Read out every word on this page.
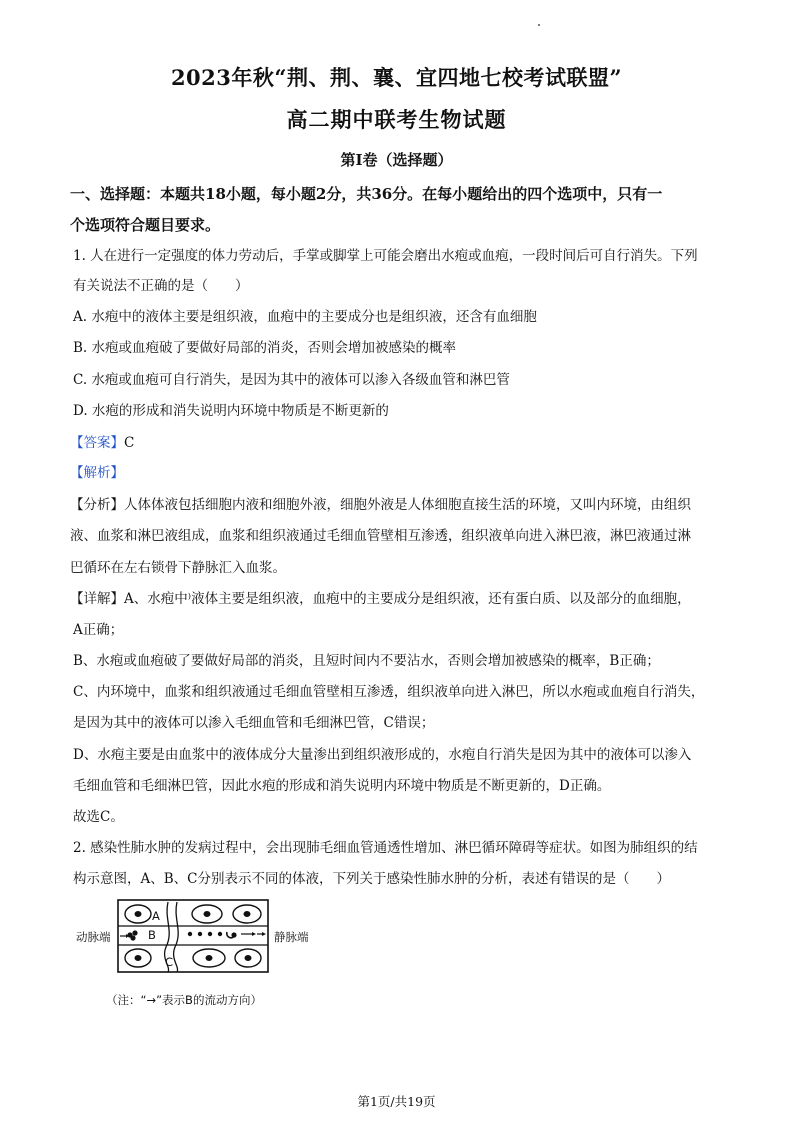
2023年秋“荆、荆、襄、宜四地七校考试联盟”
高二期中联考生物试题
第I卷（选择题）
一、选择题：本题共18小题，每小题2分，共36分。在每小题给出的四个选项中，只有一
个选项符合题目要求。
1. 人在进行一定强度的体力劳动后，手掌或脚掌上可能会磨出水疱或血疱，一段时间后可自行消失。下列
有关说法不正确的是（　　）
A. 水疱中的液体主要是组织液，血疱中的主要成分也是组织液，还含有血细胞
B. 水疱或血疱破了要做好局部的消炎，否则会增加被感染的概率
C. 水疱或血疱可自行消失，是因为其中的液体可以渗入各级血管和淋巴管
D. 水疱的形成和消失说明内环境中物质是不断更新的
【答案】C
【解析】
【分析】人体体液包括细胞内液和细胞外液，细胞外液是人体细胞直接生活的环境，又叫内环境，由组织
液、血浆和淋巴液组成，血浆和组织液通过毛细血管壁相互渗透，组织液单向进入淋巴液，淋巴液通过淋
巴循环在左右锁骨下静脉汇入血浆。
【详解】A、水疱中⁾液体主要是组织液，血疱中的主要成分是组织液，还有蛋白质、以及部分的血细胞，
A正确；
B、水疱或血疱破了要做好局部的消炎，且短时间内不要沾水，否则会增加被感染的概率，B正确；
C、内环境中，血浆和组织液通过毛细血管壁相互渗透，组织液单向进入淋巴，所以水疱或血疱自行消失，
是因为其中的液体可以渗入毛细血管和毛细淋巴管，C错误；
D、水疱主要是由血浆中的液体成分大量渗出到组织液形成的，水疱自行消失是因为其中的液体可以渗入
毛细血管和毛细淋巴管，因此水疱的形成和消失说明内环境中物质是不断更新的，D正确。
故选C。
2. 感染性肺水肿的发病过程中，会出现肺毛细血管通透性增加、淋巴循环障碍等症状。如图为肺组织的结
构示意图，A、B、C分别表示不同的体液，下列关于感染性肺水肿的分析，表述有错误的是（　　）
动脉端	静脉端
A
B
C
（注：“→”表示B的流动方向）
第1页/共19页
